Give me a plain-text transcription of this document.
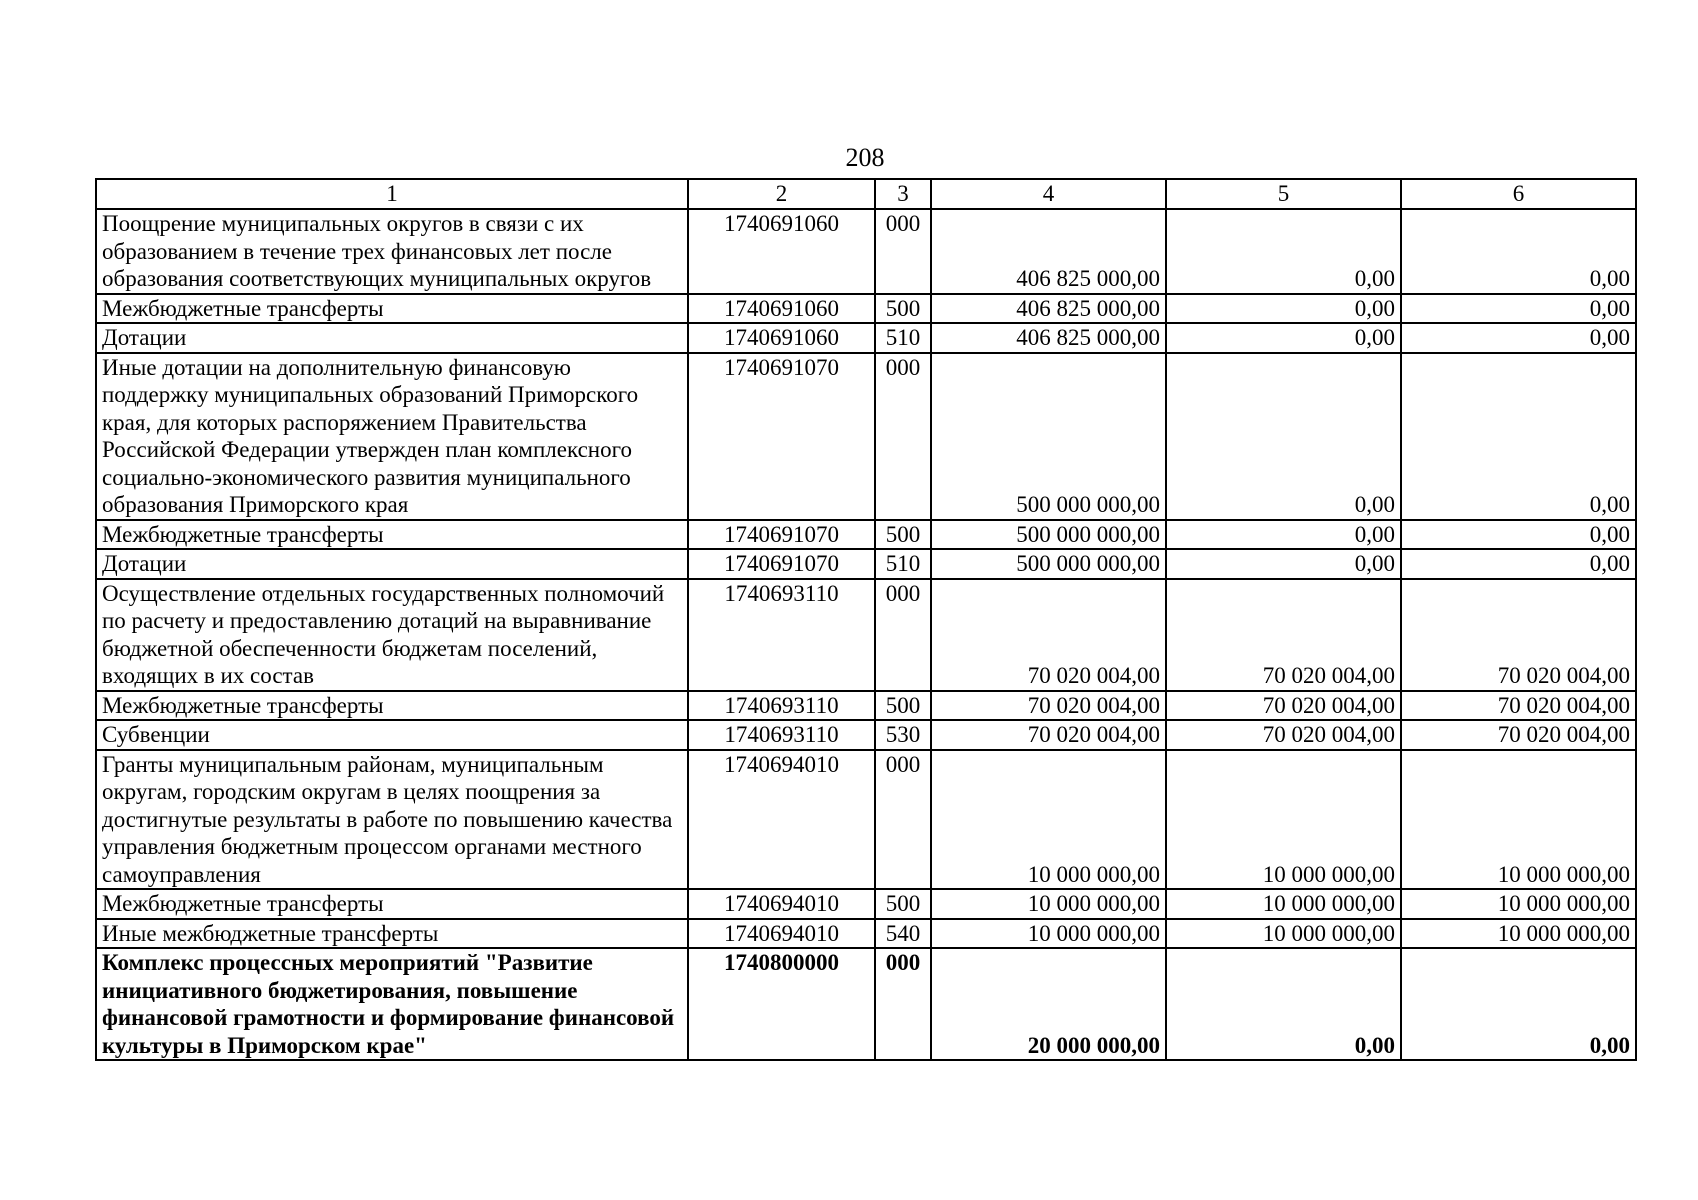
208
1	2	3	4	5	6
Поощрение муниципальных округов в связи с их образованием в течение трех финансовых лет после образования соответствующих муниципальных округов	1740691060	000	406 825 000,00	0,00	0,00
Межбюджетные трансферты	1740691060	500	406 825 000,00	0,00	0,00
Дотации	1740691060	510	406 825 000,00	0,00	0,00
Иные дотации на дополнительную финансовую поддержку муниципальных образований Приморского края, для которых распоряжением Правительства Российской Федерации утвержден план комплексного социально-экономического развития муниципального образования Приморского края	1740691070	000	500 000 000,00	0,00	0,00
Межбюджетные трансферты	1740691070	500	500 000 000,00	0,00	0,00
Дотации	1740691070	510	500 000 000,00	0,00	0,00
Осуществление отдельных государственных полномочий по расчету и предоставлению дотаций на выравнивание бюджетной обеспеченности бюджетам поселений, входящих в их состав	1740693110	000	70 020 004,00	70 020 004,00	70 020 004,00
Межбюджетные трансферты	1740693110	500	70 020 004,00	70 020 004,00	70 020 004,00
Субвенции	1740693110	530	70 020 004,00	70 020 004,00	70 020 004,00
Гранты муниципальным районам, муниципальным округам, городским округам в целях поощрения за достигнутые результаты в работе по повышению качества управления бюджетным процессом органами местного самоуправления	1740694010	000	10 000 000,00	10 000 000,00	10 000 000,00
Межбюджетные трансферты	1740694010	500	10 000 000,00	10 000 000,00	10 000 000,00
Иные межбюджетные трансферты	1740694010	540	10 000 000,00	10 000 000,00	10 000 000,00
Комплекс процессных мероприятий "Развитие инициативного бюджетирования, повышение финансовой грамотности и формирование финансовой культуры в Приморском крае"	1740800000	000	20 000 000,00	0,00	0,00
